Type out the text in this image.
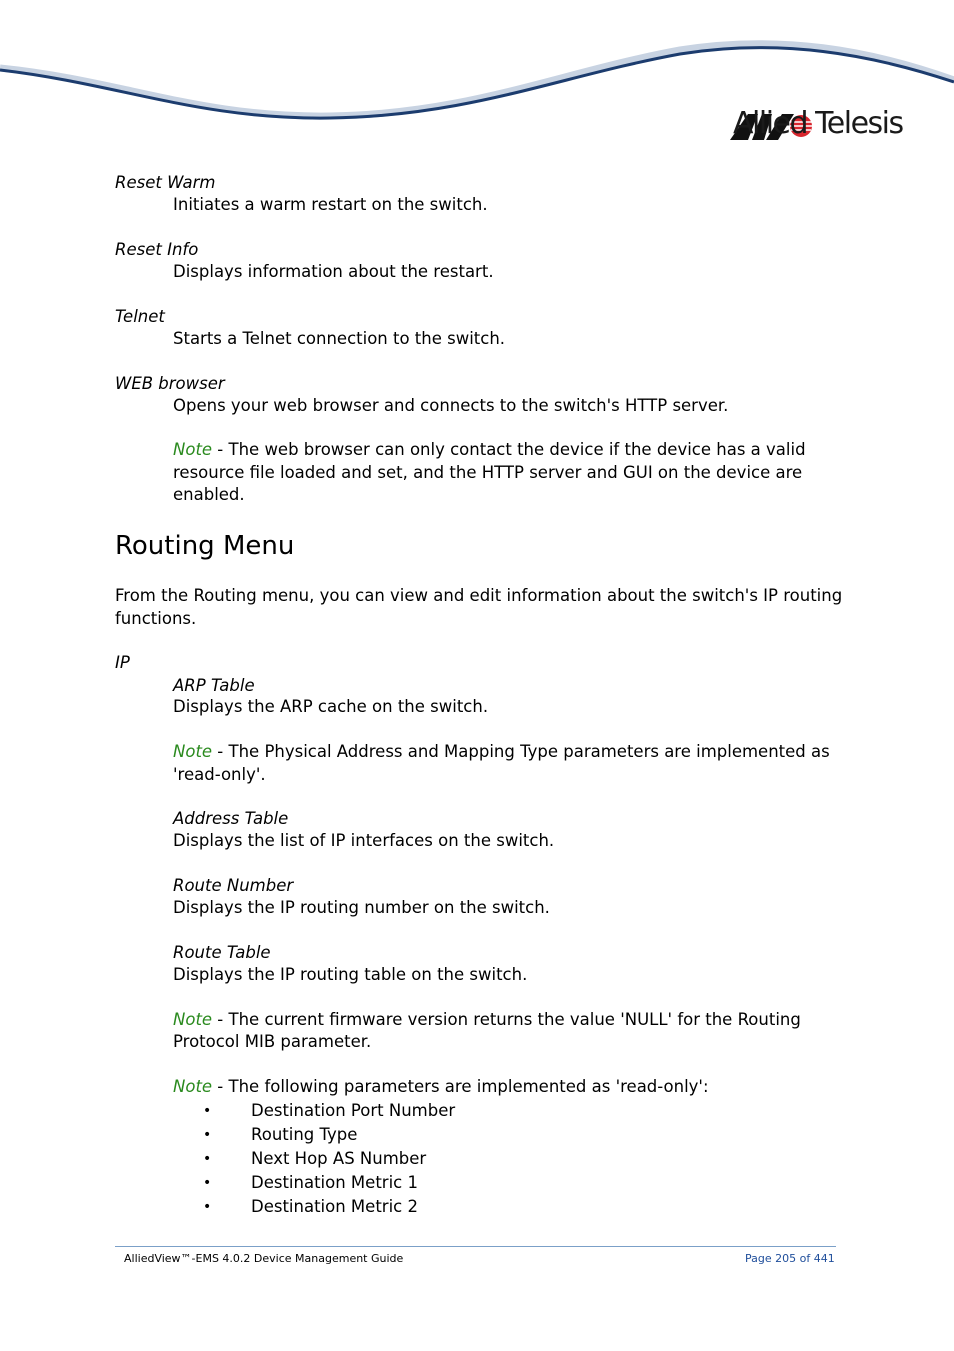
Allied Telesis
Reset Warm
Initiates a warm restart on the switch.
Reset Info
Displays information about the restart.
Telnet
Starts a Telnet connection to the switch.
WEB browser
Opens your web browser and connects to the switch's HTTP server.
Note - The web browser can only contact the device if the device has a valid
resource file loaded and set, and the HTTP server and GUI on the device are
enabled.
Routing Menu
From the Routing menu, you can view and edit information about the switch's IP routing
functions.
IP
ARP Table
Displays the ARP cache on the switch.
Note - The Physical Address and Mapping Type parameters are implemented as
'read-only'.
Address Table
Displays the list of IP interfaces on the switch.
Route Number
Displays the IP routing number on the switch.
Route Table
Displays the IP routing table on the switch.
Note - The current firmware version returns the value 'NULL' for the Routing
Protocol MIB parameter.
Note - The following parameters are implemented as 'read-only':
• Destination Port Number
• Routing Type
• Next Hop AS Number
• Destination Metric 1
• Destination Metric 2
AlliedView™-EMS 4.0.2 Device Management Guide	Page 205 of 441
